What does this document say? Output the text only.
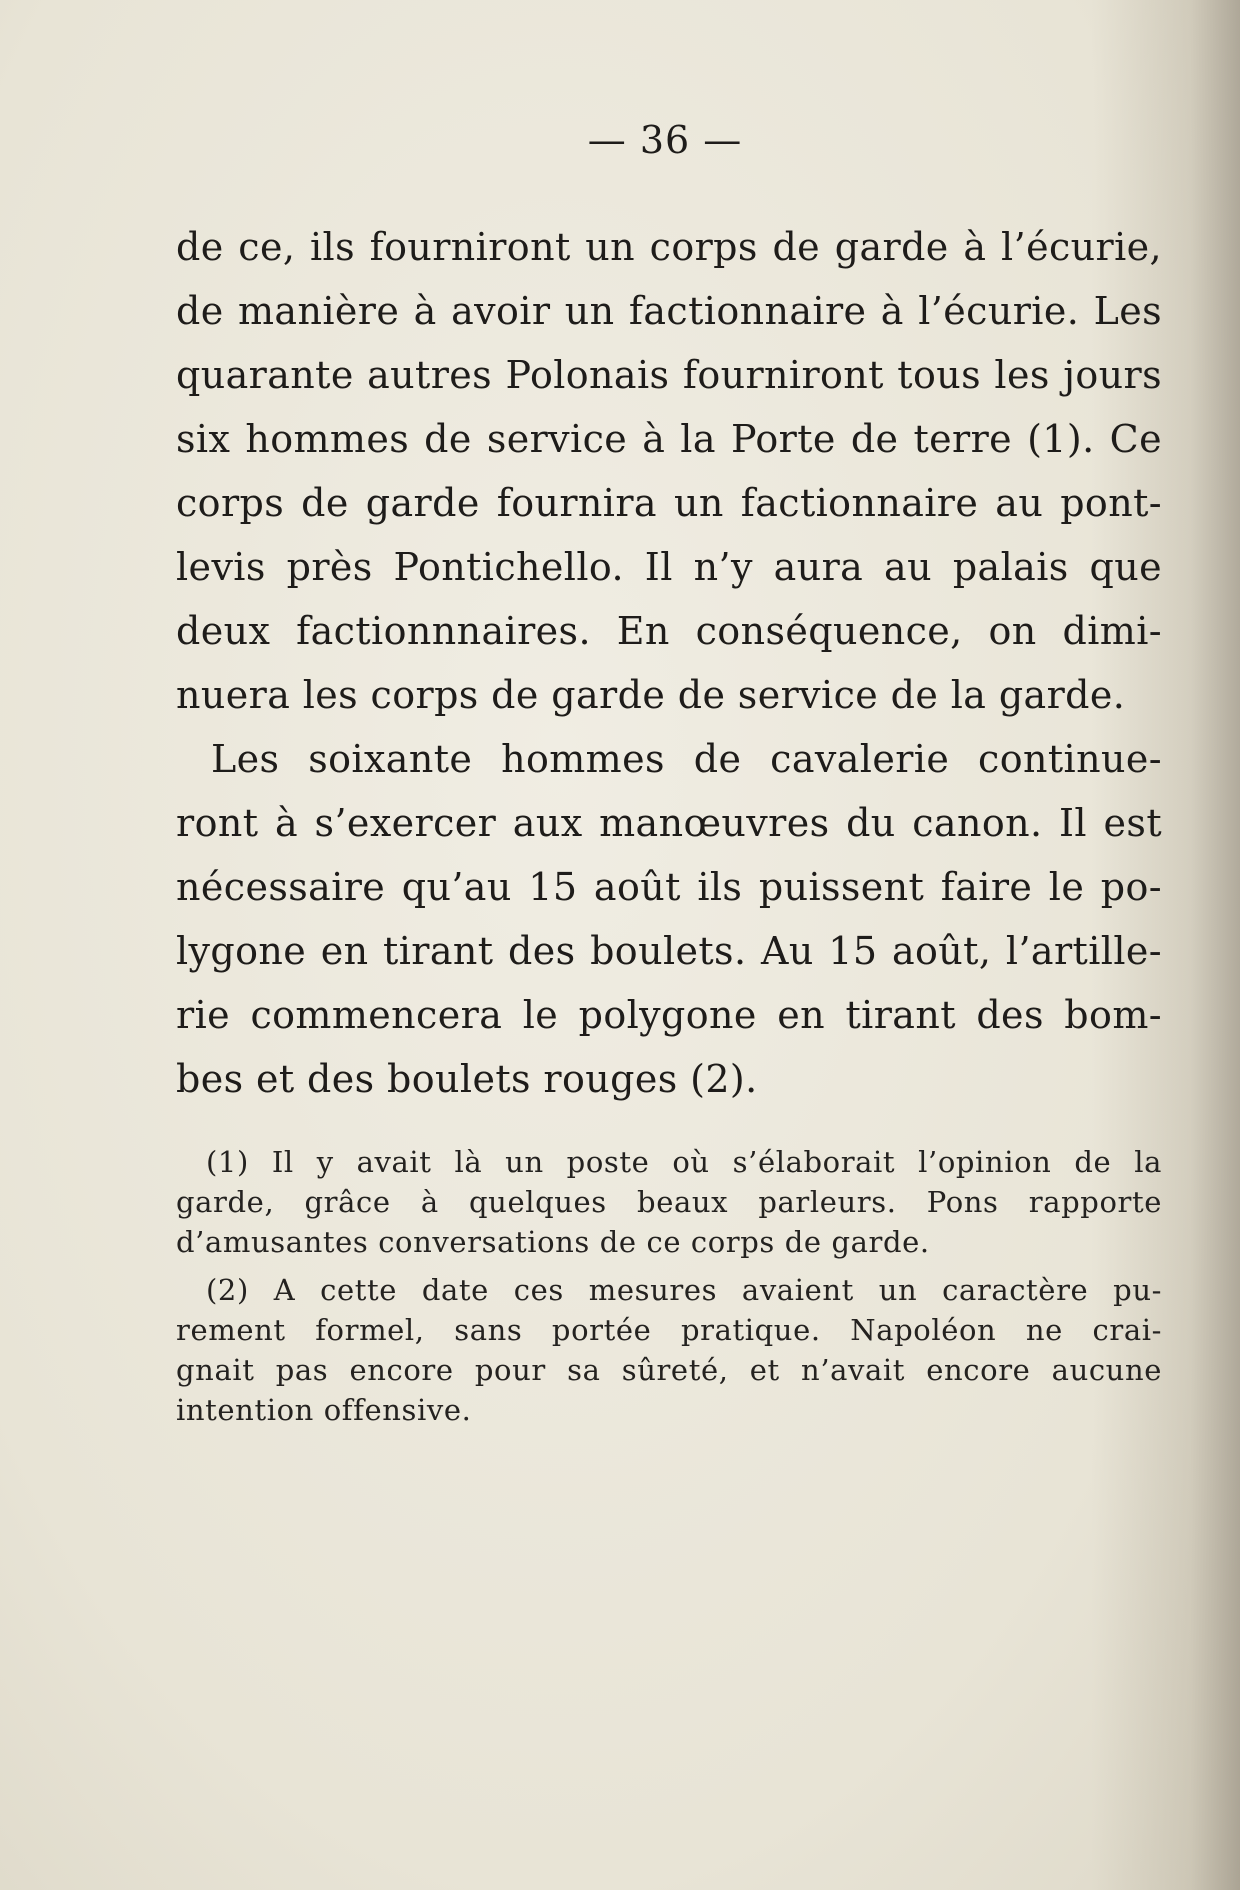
— 36 —
de ce, ils fourniront un corps de garde à l’écurie,
de manière à avoir un factionnaire à l’écurie. Les
quarante autres Polonais fourniront tous les jours
six hommes de service à la Porte de terre (1). Ce
corps de garde fournira un factionnaire au pont-
levis près Pontichello. Il n’y aura au palais que
deux factionnnaires. En conséquence, on dimi-
nuera les corps de garde de service de la garde.
Les soixante hommes de cavalerie continue-
ront à s’exercer aux manœuvres du canon. Il est
nécessaire qu’au 15 août ils puissent faire le po-
lygone en tirant des boulets. Au 15 août, l’artille-
rie commencera le polygone en tirant des bom-
bes et des boulets rouges (2).
(1) Il y avait là un poste où s’élaborait l’opinion de la
garde, grâce à quelques beaux parleurs. Pons rapporte
d’amusantes conversations de ce corps de garde.
(2) A cette date ces mesures avaient un caractère pu-
rement formel, sans portée pratique. Napoléon ne crai-
gnait pas encore pour sa sûreté, et n’avait encore aucune
intention offensive.
